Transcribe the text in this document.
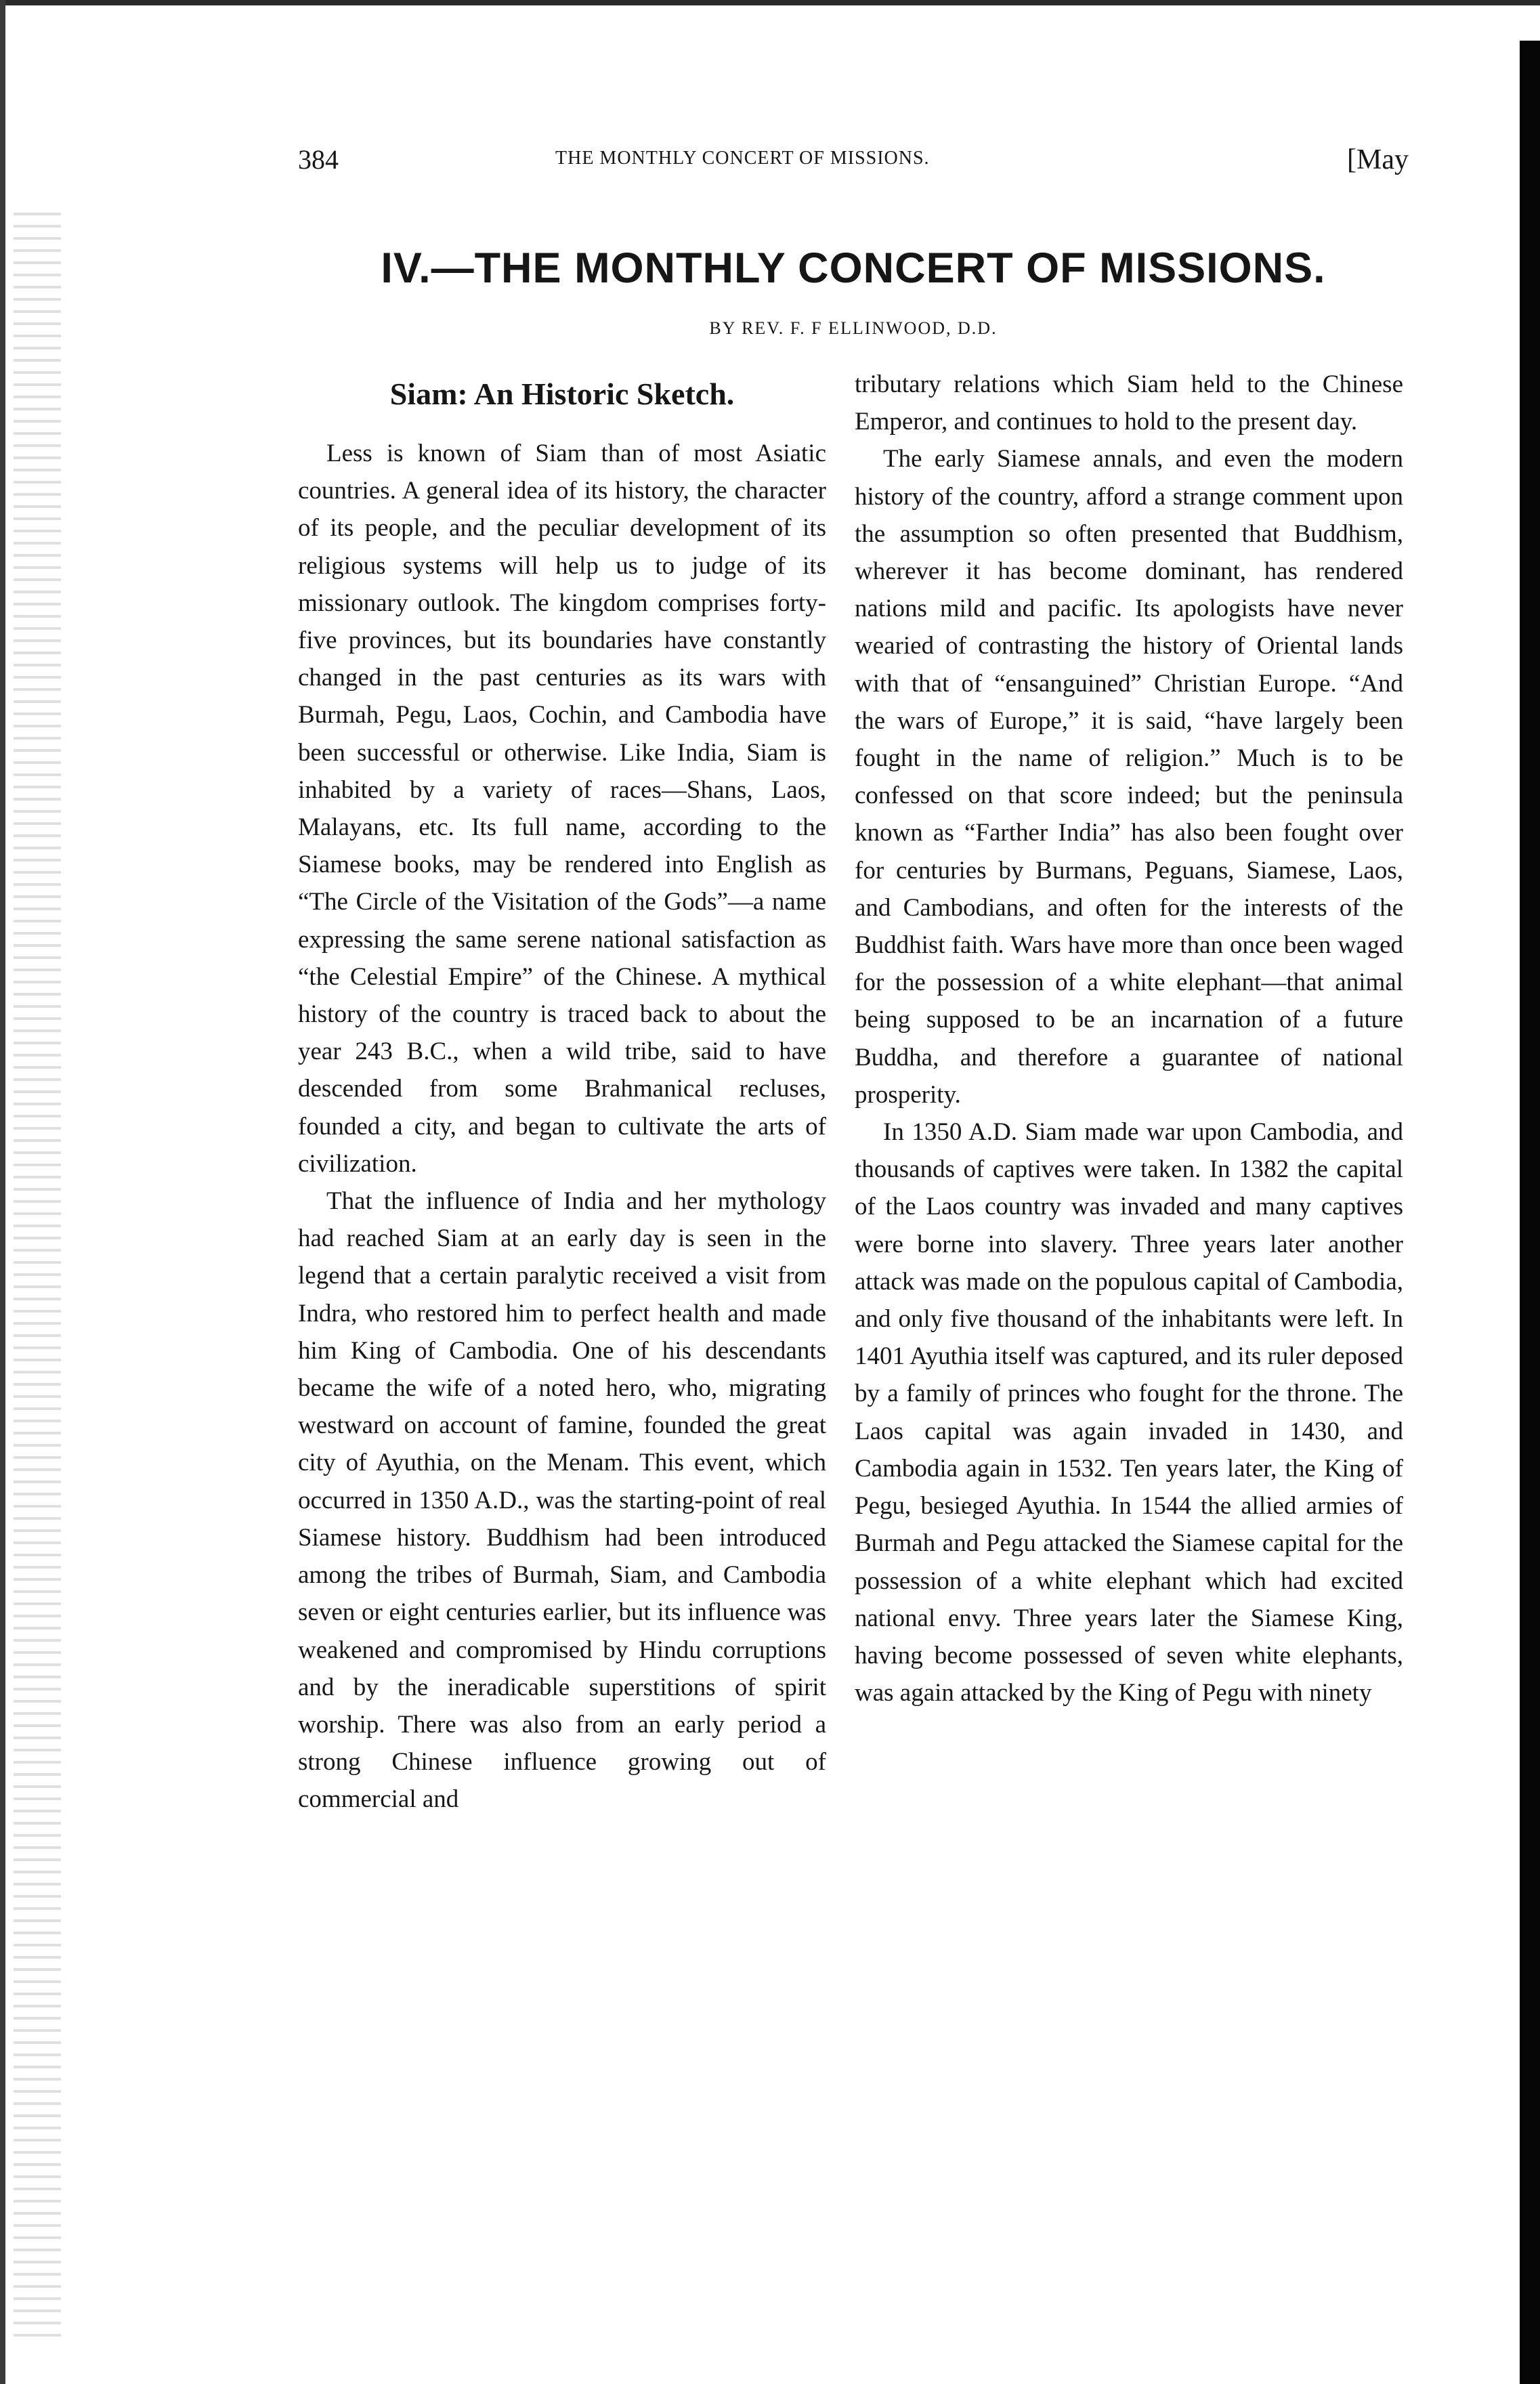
384	THE MONTHLY CONCERT OF MISSIONS.	[May
IV.—THE MONTHLY CONCERT OF MISSIONS.
BY REV. F. F ELLINWOOD, D.D.
Siam: An Historic Sketch.

Less is known of Siam than of most Asiatic countries. A general idea of its history, the character of its people, and the peculiar development of its religious systems will help us to judge of its missionary outlook. The kingdom comprises forty-five provinces, but its boundaries have constantly changed in the past centuries as its wars with Burmah, Pegu, Laos, Cochin, and Cambodia have been successful or otherwise. Like India, Siam is inhabited by a variety of races—Shans, Laos, Malayans, etc. Its full name, according to the Siamese books, may be rendered into English as “The Circle of the Visitation of the Gods”—a name expressing the same serene national satisfaction as “the Celestial Empire” of the Chinese. A mythical history of the country is traced back to about the year 243 B.C., when a wild tribe, said to have descended from some Brahmanical recluses, founded a city, and began to cultivate the arts of civilization.

That the influence of India and her mythology had reached Siam at an early day is seen in the legend that a certain paralytic received a visit from Indra, who restored him to perfect health and made him King of Cambodia. One of his descendants became the wife of a noted hero, who, migrating westward on account of famine, founded the great city of Ayuthia, on the Menam. This event, which occurred in 1350 A.D., was the starting-point of real Siamese history. Buddhism had been introduced among the tribes of Burmah, Siam, and Cambodia seven or eight centuries earlier, but its influence was weakened and compromised by Hindu corruptions and by the ineradicable superstitions of spirit worship. There was also from an early period a strong Chinese influence growing out of commercial and

tributary relations which Siam held to the Chinese Emperor, and continues to hold to the present day.

The early Siamese annals, and even the modern history of the country, afford a strange comment upon the assumption so often presented that Buddhism, wherever it has become dominant, has rendered nations mild and pacific. Its apologists have never wearied of contrasting the history of Oriental lands with that of “ensanguined” Christian Europe. “And the wars of Europe,” it is said, “have largely been fought in the name of religion.” Much is to be confessed on that score indeed; but the peninsula known as “Farther India” has also been fought over for centuries by Burmans, Peguans, Siamese, Laos, and Cambodians, and often for the interests of the Buddhist faith. Wars have more than once been waged for the possession of a white elephant—that animal being supposed to be an incarnation of a future Buddha, and therefore a guarantee of national prosperity.

In 1350 A.D. Siam made war upon Cambodia, and thousands of captives were taken. In 1382 the capital of the Laos country was invaded and many captives were borne into slavery. Three years later another attack was made on the populous capital of Cambodia, and only five thousand of the inhabitants were left. In 1401 Ayuthia itself was captured, and its ruler deposed by a family of princes who fought for the throne. The Laos capital was again invaded in 1430, and Cambodia again in 1532. Ten years later, the King of Pegu, besieged Ayuthia. In 1544 the allied armies of Burmah and Pegu attacked the Siamese capital for the possession of a white elephant which had excited national envy. Three years later the Siamese King, having become possessed of seven white elephants, was again attacked by the King of Pegu with ninety
